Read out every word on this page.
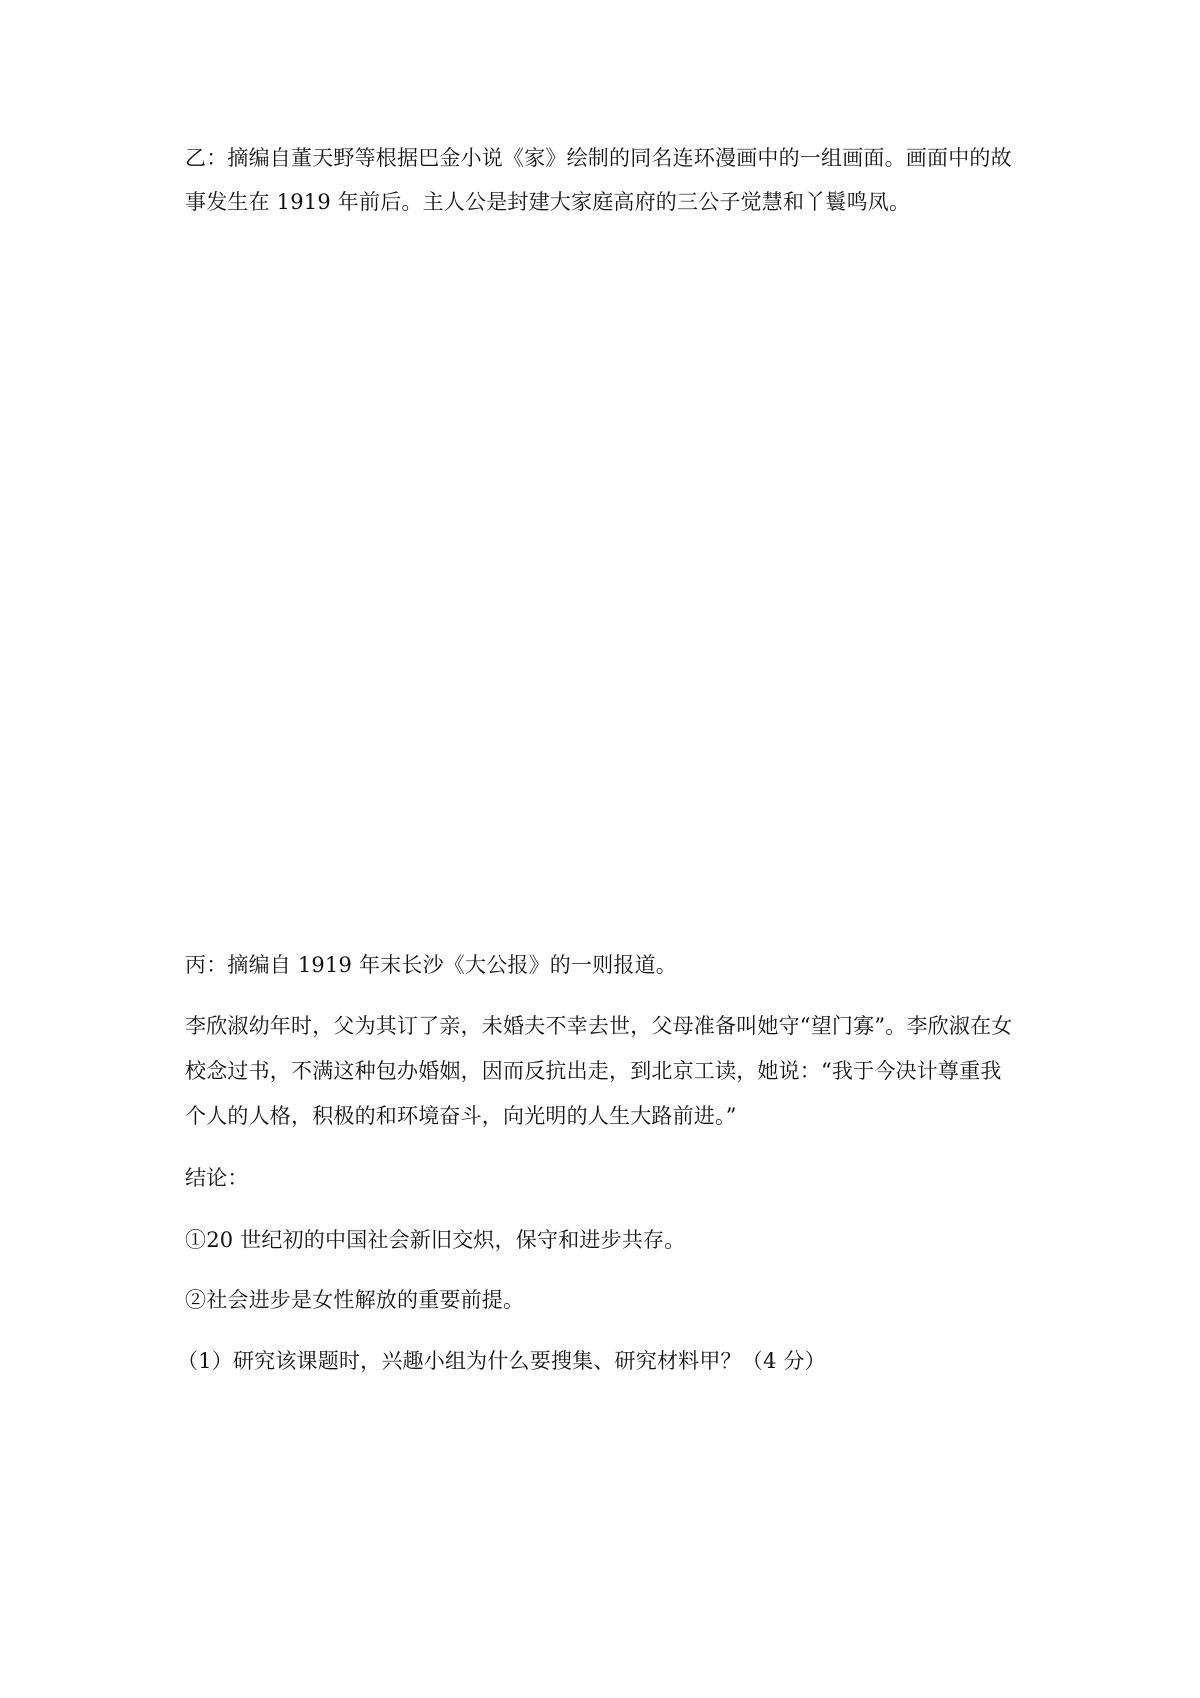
乙：摘编自董天野等根据巴金小说《家》绘制的同名连环漫画中的一组画面。画面中的故
事发生在 1919 年前后。主人公是封建大家庭高府的三公子觉慧和丫鬟鸣凤。
丙：摘编自 1919 年末长沙《大公报》的一则报道。
李欣淑幼年时，父为其订了亲，未婚夫不幸去世，父母准备叫她守“望门寡”。李欣淑在女
校念过书，不满这种包办婚姻，因而反抗出走，到北京工读，她说：“我于今决计尊重我
个人的人格，积极的和环境奋斗，向光明的人生大路前进。”
结论：
①20 世纪初的中国社会新旧交炽，保守和进步共存。
②社会进步是女性解放的重要前提。
（1）研究该课题时，兴趣小组为什么要搜集、研究材料甲？（4 分）
